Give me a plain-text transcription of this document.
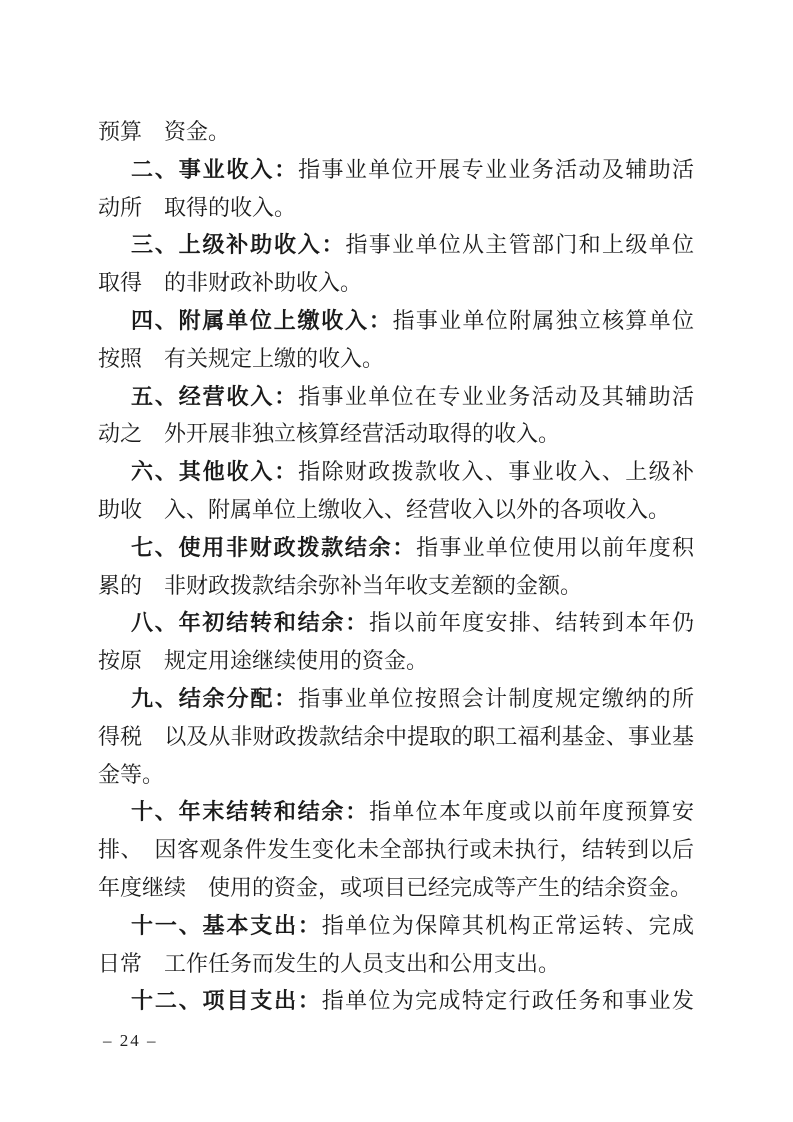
预算　资金。
二、事业收入：指事业单位开展专业业务活动及辅助活
动所　取得的收入。
三、上级补助收入：指事业单位从主管部门和上级单位
取得　的非财政补助收入。
四、附属单位上缴收入：指事业单位附属独立核算单位
按照　有关规定上缴的收入。
五、经营收入：指事业单位在专业业务活动及其辅助活
动之　外开展非独立核算经营活动取得的收入。
六、其他收入：指除财政拨款收入、事业收入、上级补
助收　入、附属单位上缴收入、经营收入以外的各项收入。
七、使用非财政拨款结余：指事业单位使用以前年度积
累的　非财政拨款结余弥补当年收支差额的金额。
八、年初结转和结余：指以前年度安排、结转到本年仍
按原　规定用途继续使用的资金。
九、结余分配：指事业单位按照会计制度规定缴纳的所
得税　以及从非财政拨款结余中提取的职工福利基金、事业基
金等。
十、年末结转和结余：指单位本年度或以前年度预算安
排、　因客观条件发生变化未全部执行或未执行，结转到以后
年度继续　使用的资金，或项目已经完成等产生的结余资金。
十一、基本支出：指单位为保障其机构正常运转、完成
日常　工作任务而发生的人员支出和公用支出。
十二、项目支出：指单位为完成特定行政任务和事业发
– 24 –
